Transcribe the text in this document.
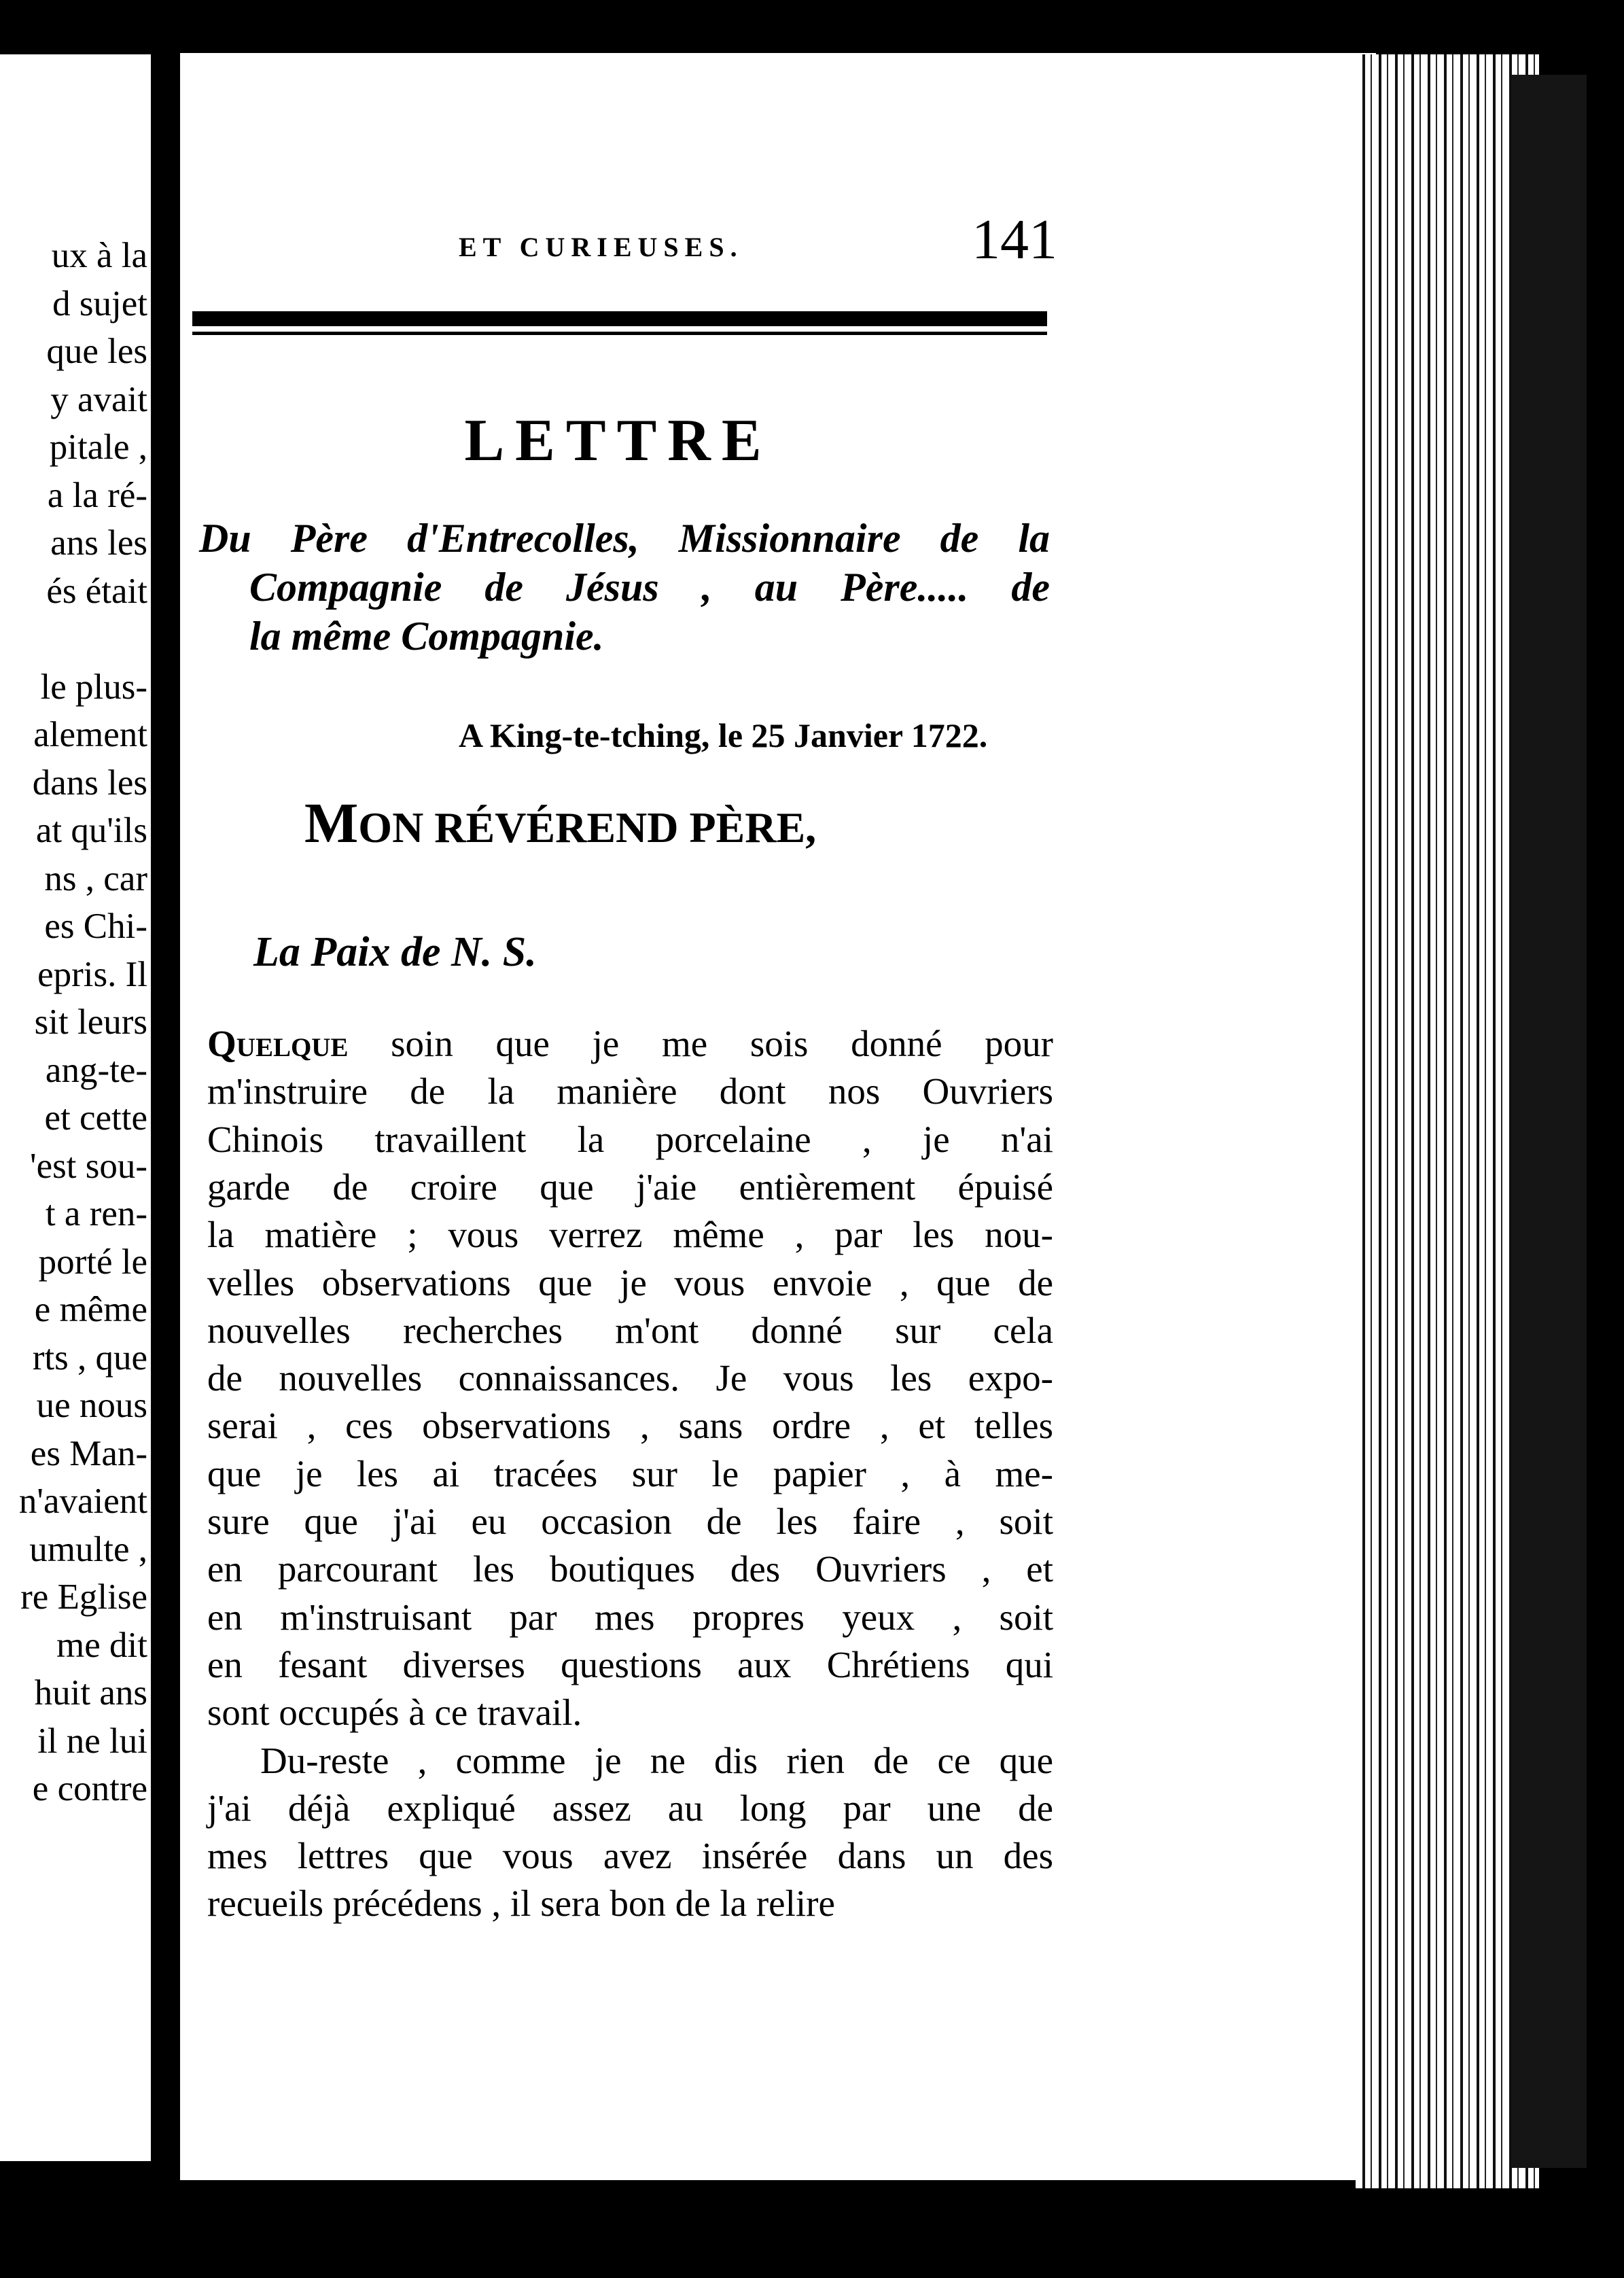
ux à la
d sujet
que les
y avait
pitale ,
a la ré-
ans les
és était
le plus-
alement
dans les
at qu'ils
ns , car
es Chi-
epris. Il
sit leurs
ang-te-
et cette
'est sou-
t a ren-
porté le
e même
rts , que
ue nous
es Man-
n'avaient
umulte ,
re Eglise
me dit
huit ans
il ne lui
e contre
ET CURIEUSES.	141
LETTRE
Du Père d'Entrecolles, Missionnaire de la
Compagnie de Jésus , au Père..... de
la même Compagnie.
A King-te-tching, le 25 Janvier 1722.
MON RÉVÉREND PÈRE,
La Paix de N. S.
Quelque soin que je me sois donné pour
m'instruire de la manière dont nos Ouvriers
Chinois travaillent la porcelaine , je n'ai
garde de croire que j'aie entièrement épuisé
la matière ; vous verrez même , par les nou-
velles observations que je vous envoie , que de
nouvelles recherches m'ont donné sur cela
de nouvelles connaissances. Je vous les expo-
serai , ces observations , sans ordre , et telles
que je les ai tracées sur le papier , à me-
sure que j'ai eu occasion de les faire , soit
en parcourant les boutiques des Ouvriers , et
en m'instruisant par mes propres yeux , soit
en fesant diverses questions aux Chrétiens qui
sont occupés à ce travail.
Du-reste , comme je ne dis rien de ce que
j'ai déjà expliqué assez au long par une de
mes lettres que vous avez insérée dans un des
recueils précédens , il sera bon de la relire
